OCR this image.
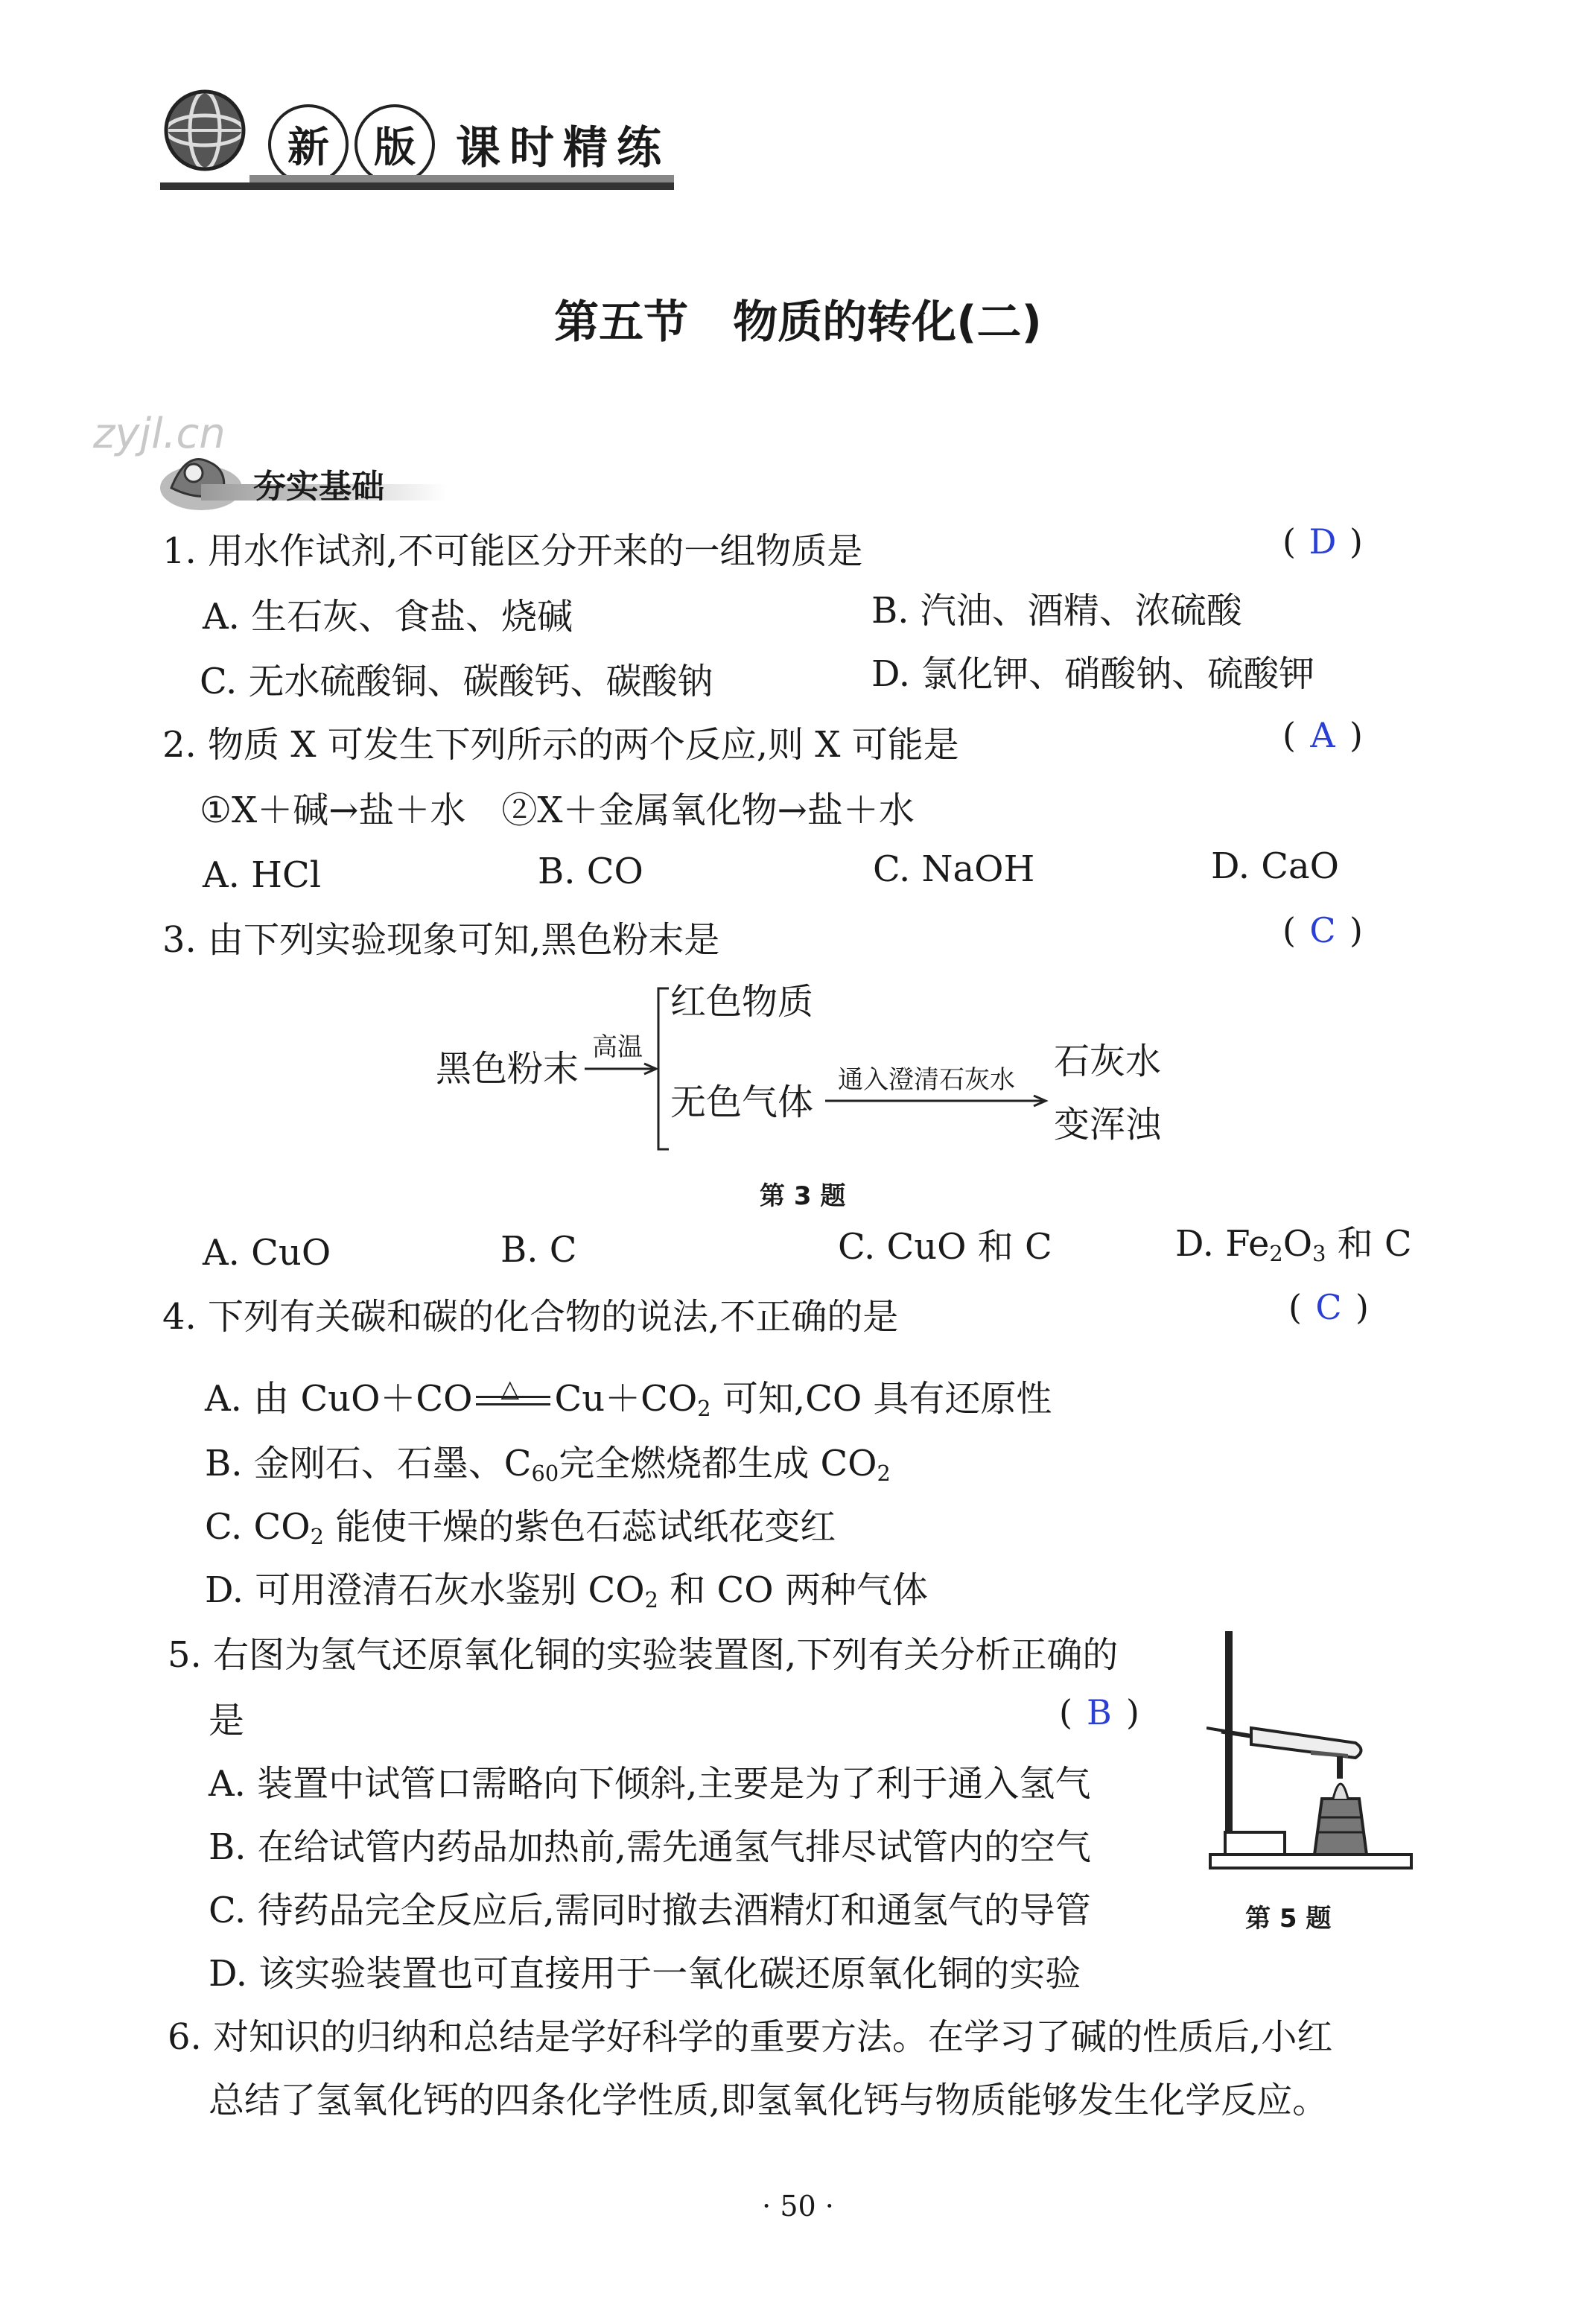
新	版 课时精练
第五节　物质的转化(二)
zyjl.cn
夯实基础
1. 用水作试剂,不可能区分开来的一组物质是	( D )
A. 生石灰、食盐、烧碱	B. 汽油、酒精、浓硫酸
C. 无水硫酸铜、碳酸钙、碳酸钠	D. 氯化钾、硝酸钠、硫酸钾
2. 物质 X 可发生下列所示的两个反应,则 X 可能是	( A )
①X＋碱→盐＋水　②X＋金属氧化物→盐＋水
A. HCl	B. CO	C. NaOH	D. CaO
3. 由下列实验现象可知,黑色粉末是	( C )
黑色粉末
高温
红色物质
无色气体
通入澄清石灰水 石灰水
变浑浊
第 3 题
A. CuO	B. C	C. CuO 和 C	D. $Fe_2O_3$ 和 C
4. 下列有关碳和碳的化合物的说法,不正确的是	( C )
A. 由 CuO＋CO △ $Cu+CO_2$ 可知,CO 具有还原性
B. 金刚石、石墨、$C_{60}$完全燃烧都生成 $CO_2$
C. $CO_2$ 能使干燥的紫色石蕊试纸花变红
D. 可用澄清石灰水鉴别 $CO_2$ 和 CO 两种气体
5. 右图为氢气还原氧化铜的实验装置图,下列有关分析正确的
是	( B )
A. 装置中试管口需略向下倾斜,主要是为了利于通入氢气
B. 在给试管内药品加热前,需先通氢气排尽试管内的空气
C. 待药品完全反应后,需同时撤去酒精灯和通氢气的导管
D. 该实验装置也可直接用于一氧化碳还原氧化铜的实验
第 5 题
6. 对知识的归纳和总结是学好科学的重要方法。在学习了碱的性质后,小红
总结了氢氧化钙的四条化学性质,即氢氧化钙与物质能够发生化学反应。
· 50 ·
